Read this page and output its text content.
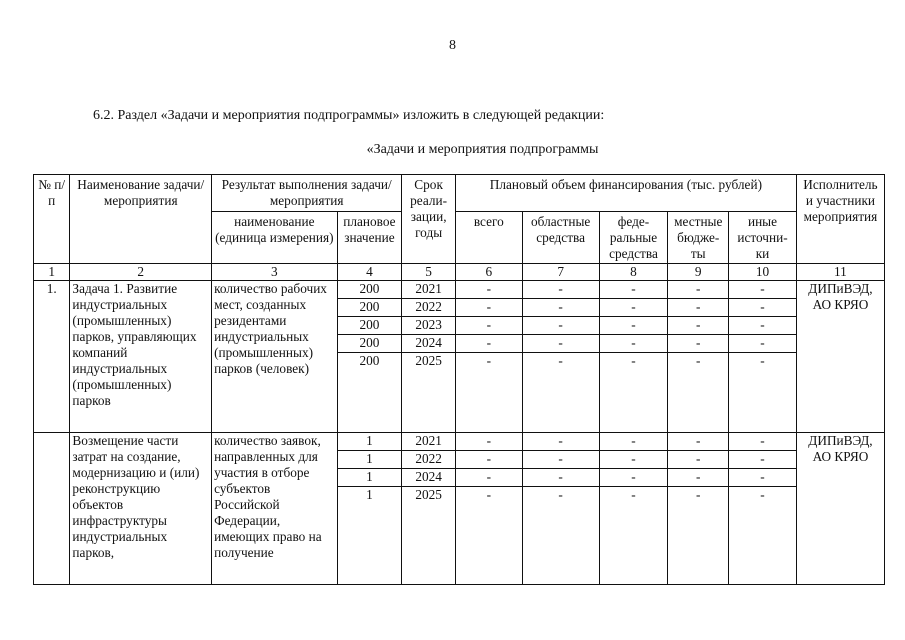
8
6.2. Раздел «Задачи и мероприятия подпрограммы» изложить в следующей редакции:
«Задачи и мероприятия подпрограммы
№ п/п	Наименование задачи/мероприятия	Результат выполнения задачи/мероприятия		Срок реали- зации, годы	Плановый объем финансирования (тыс. рублей)					Исполнитель и участники мероприятия
		наименование (единица измерения)	плановое значение		всего	областные средства	феде- ральные средства	местные бюдже- ты	иные источни- ки	
1	2	3	4	5	6	7	8	9	10	11
1.	Задача 1. Развитие индустриальных (промышленных) парков, управляющих компаний индустриальных (промышленных) парков	количество рабочих мест, созданных резидентами индустриальных (промышленных) парков (человек)	200	2021	-	-	-	-	-	ДИПиВЭД, АО КРЯО
			200	2022	-	-	-	-	-	
			200	2023	-	-	-	-	-	
			200	2024	-	-	-	-	-	
			200	2025	-	-	-	-	-	
	Возмещение части затрат на создание, модернизацию и (или) реконструкцию объектов инфраструктуры индустриальных парков,	количество заявок, направленных для участия в отборе субъектов Российской Федерации, имеющих право на получение	1	2021	-	-	-	-	-	ДИПиВЭД, АО КРЯО
			1	2022	-	-	-	-	-	
			1	2024	-	-	-	-	-	
			1	2025	-	-	-	-	-	
